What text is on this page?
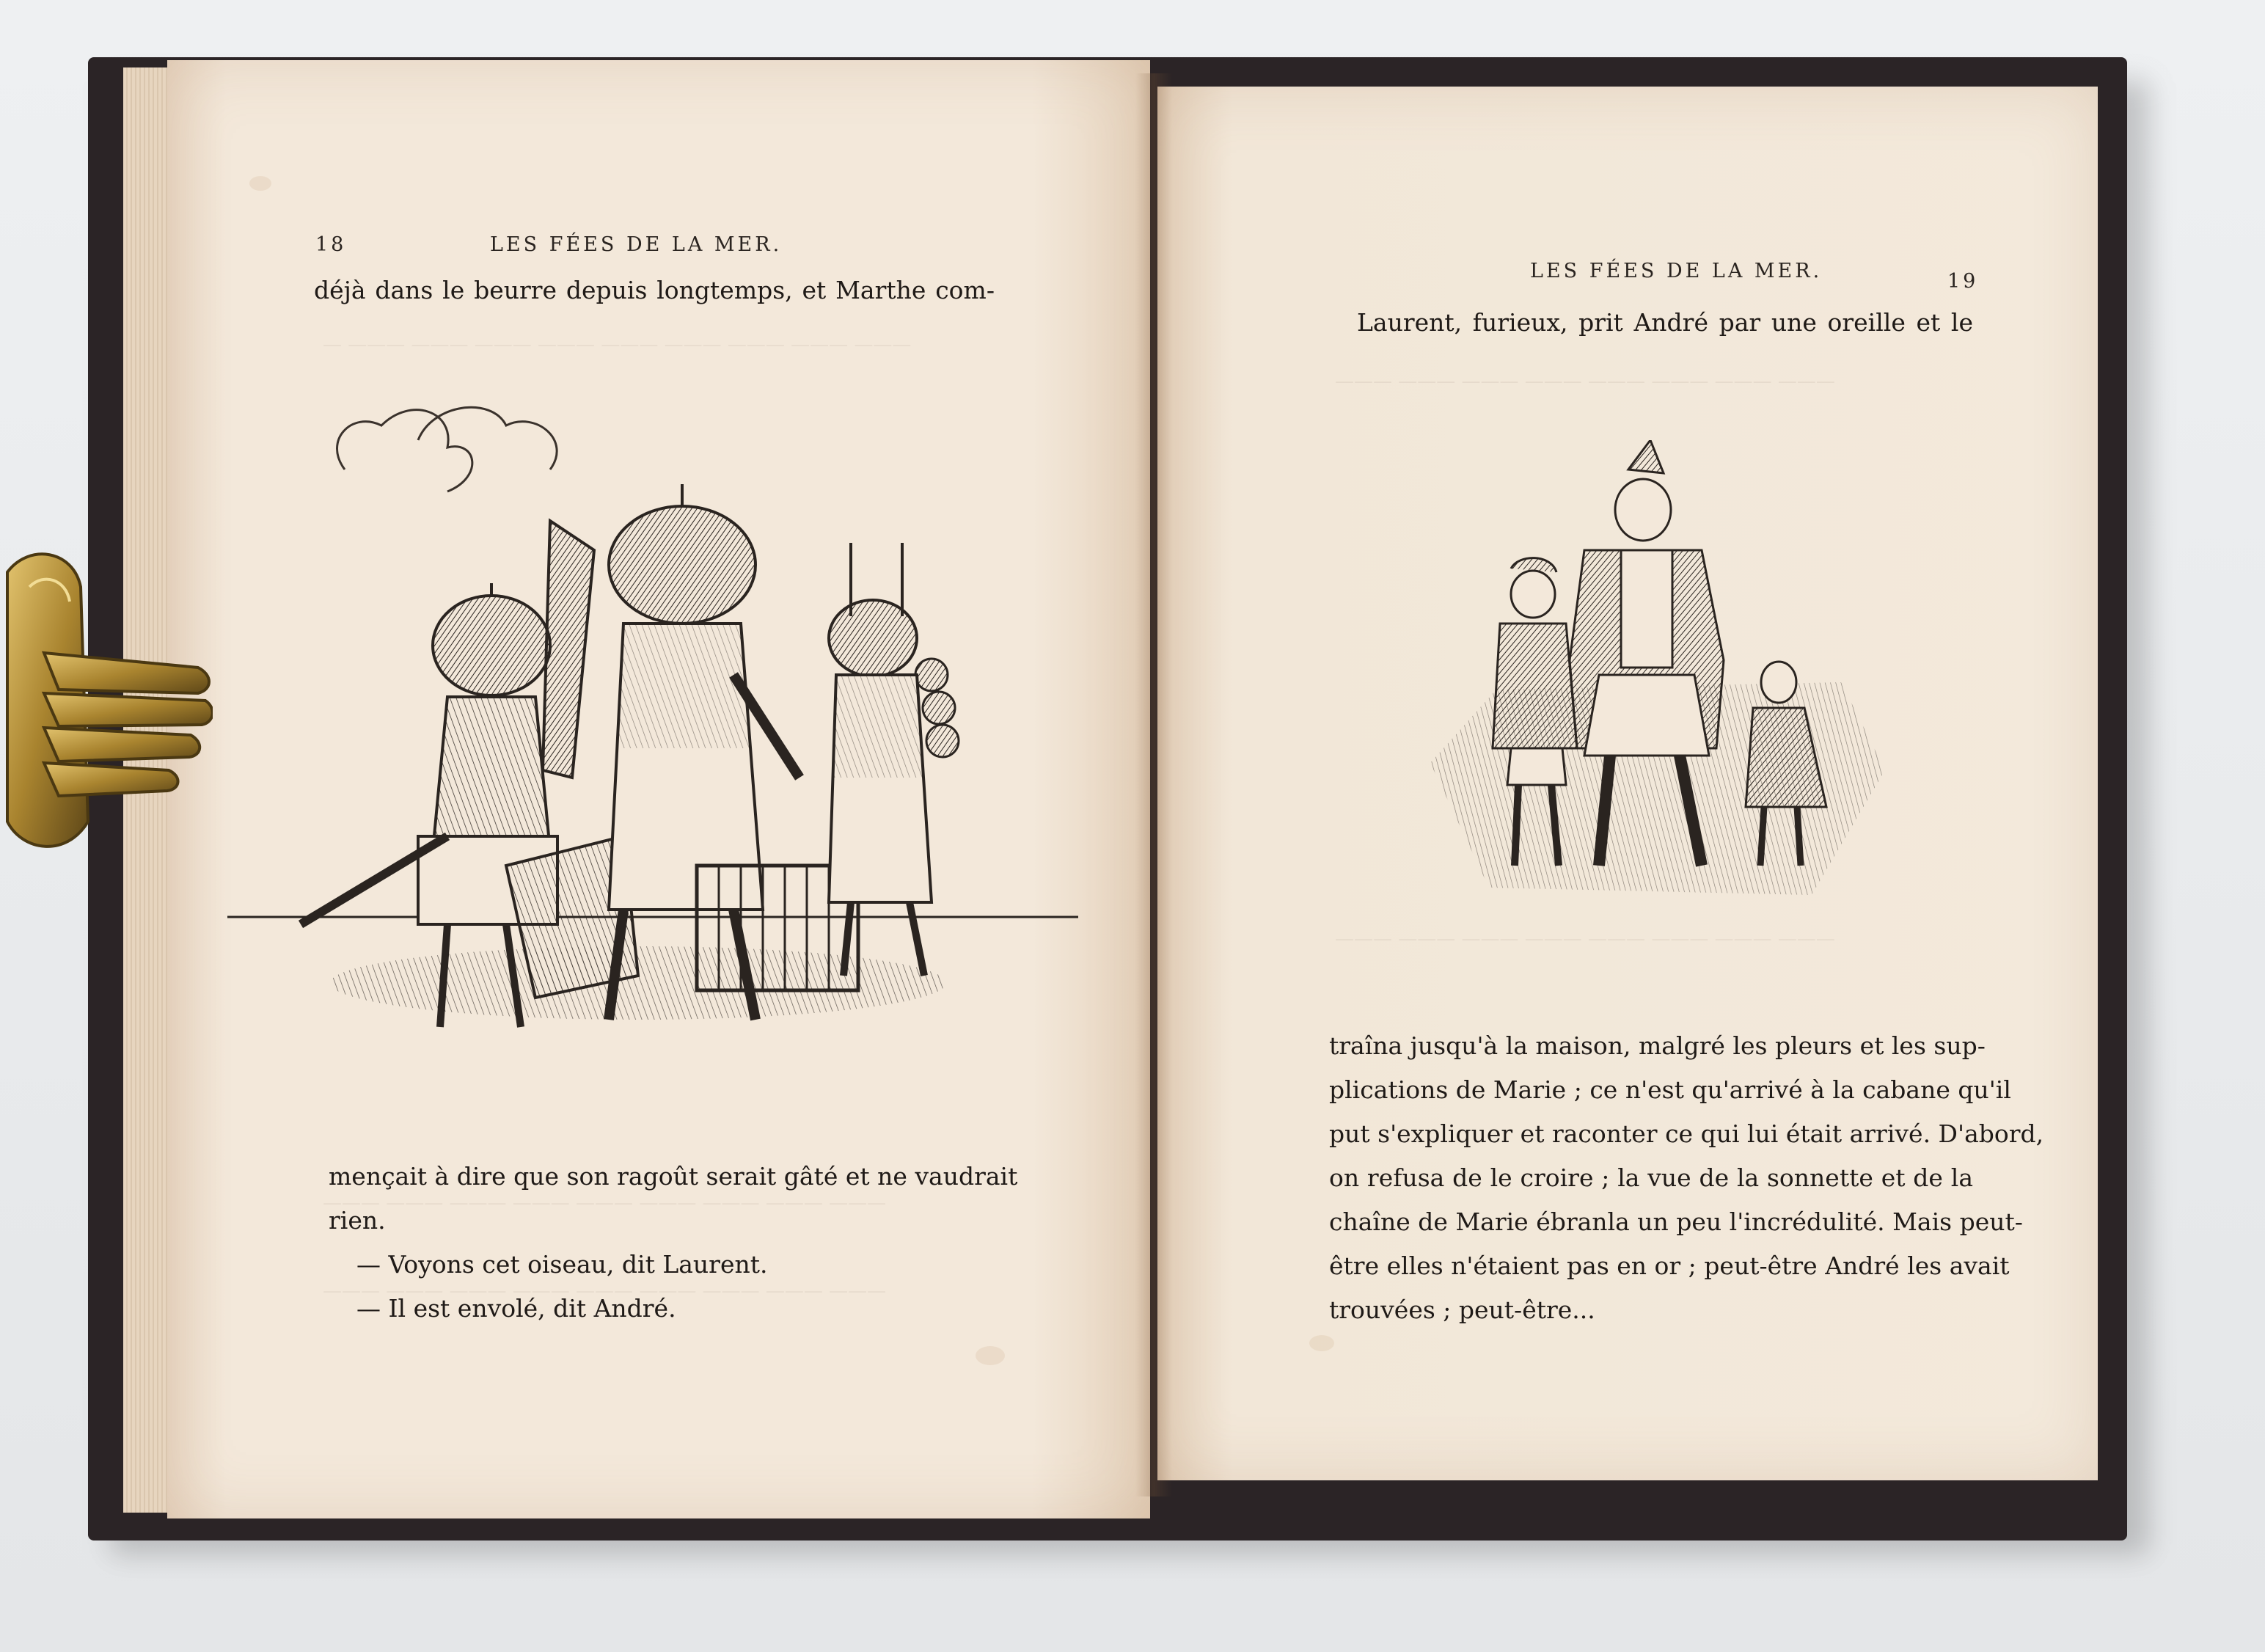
18	LES FÉES DE LA MER.
déjà dans le beurre depuis longtemps, et Marthe com-
— ——— ——— ——— ——— ——— ——— ——— ——— ———
——— ——— ——— ——— ——— ——— ——— ——— ———
——— ——— ——— ——— ——— ——— ——— ——— ———
mençait à dire que son ragoût serait gâté et ne vaudrait
rien.
— Voyons cet oiseau, dit Laurent.
— Il est envolé, dit André.
LES FÉES DE LA MER.	19
Laurent, furieux, prit André par une oreille et le
——— ——— ——— ——— ——— ——— ——— ———
——— ——— ——— ——— ——— ——— ——— ———
traîna jusqu'à la maison, malgré les pleurs et les sup-
plications de Marie ; ce n'est qu'arrivé à la cabane qu'il
put s'expliquer et raconter ce qui lui était arrivé. D'abord,
on refusa de le croire ; la vue de la sonnette et de la
chaîne de Marie ébranla un peu l'incrédulité. Mais peut-
être elles n'étaient pas en or ; peut-être André les avait
trouvées ; peut-être...
